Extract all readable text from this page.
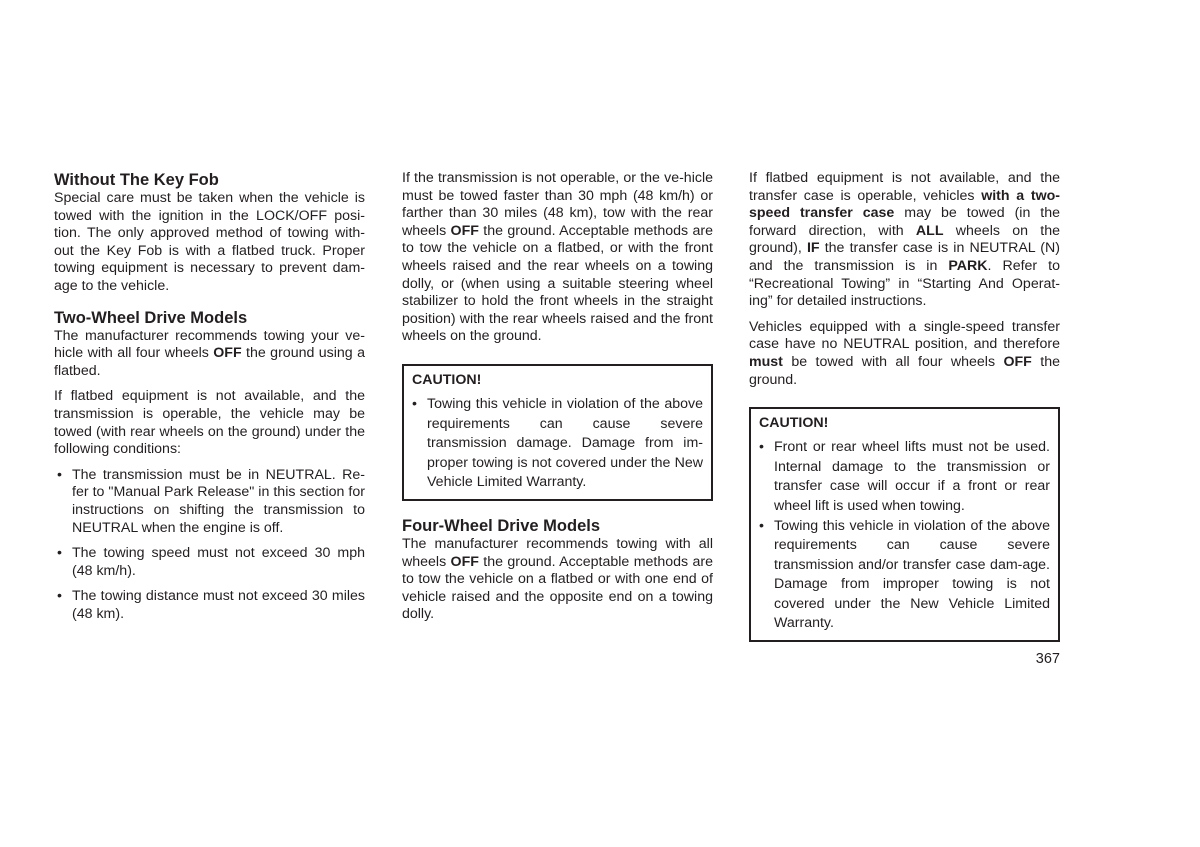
Without The Key Fob

Special care must be taken when the vehicle is towed with the ignition in the LOCK/OFF posi-tion. The only approved method of towing with-out the Key Fob is with a flatbed truck. Proper towing equipment is necessary to prevent dam-age to the vehicle.

Two-Wheel Drive Models

The manufacturer recommends towing your ve-hicle with all four wheels OFF the ground using a flatbed.

If flatbed equipment is not available, and the transmission is operable, the vehicle may be towed (with rear wheels on the ground) under the following conditions:

• The transmission must be in NEUTRAL. Re-fer to "Manual Park Release" in this section for instructions on shifting the transmission to NEUTRAL when the engine is off.
• The towing speed must not exceed 30 mph (48 km/h).
• The towing distance must not exceed 30 miles (48 km).

If the transmission is not operable, or the ve-hicle must be towed faster than 30 mph (48 km/h) or farther than 30 miles (48 km), tow with the rear wheels OFF the ground. Acceptable methods are to tow the vehicle on a flatbed, or with the front wheels raised and the rear wheels on a towing dolly, or (when using a suitable steering wheel stabilizer to hold the front wheels in the straight position) with the rear wheels raised and the front wheels on the ground.

CAUTION!
• Towing this vehicle in violation of the above requirements can cause severe transmission damage. Damage from im-proper towing is not covered under the New Vehicle Limited Warranty.
Four-Wheel Drive Models

The manufacturer recommends towing with all wheels OFF the ground. Acceptable methods are to tow the vehicle on a flatbed or with one end of vehicle raised and the opposite end on a towing dolly.

If flatbed equipment is not available, and the transfer case is operable, vehicles with a two-speed transfer case may be towed (in the forward direction, with ALL wheels on the ground), IF the transfer case is in NEUTRAL (N) and the transmission is in PARK. Refer to “Recreational Towing” in “Starting And Operat-ing” for detailed instructions.

Vehicles equipped with a single-speed transfer case have no NEUTRAL position, and therefore must be towed with all four wheels OFF the ground.

CAUTION!
• Front or rear wheel lifts must not be used. Internal damage to the transmission or transfer case will occur if a front or rear wheel lift is used when towing.
• Towing this vehicle in violation of the above requirements can cause severe transmission and/or transfer case dam-age. Damage from improper towing is not covered under the New Vehicle Limited Warranty.
367
